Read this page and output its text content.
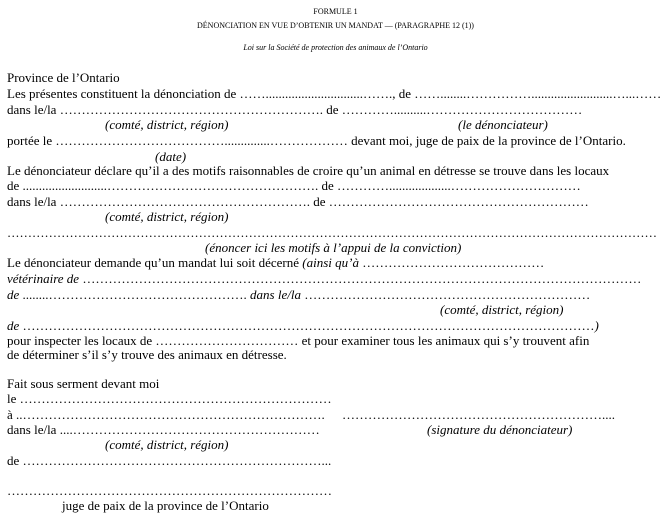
FORMULE 1
DÉNONCIATION EN VUE D’OBTENIR UN MANDAT — (PARAGRAPHE 12 (1))
Loi sur la Société de protection des animaux de l’Ontario
Province de l’Ontario
Les présentes constituent la dénonciation de ……..............................……., de ……........…………….........................…...……
dans le/la ……………………………………………………. de …………..........………………………………
(comté, district, région)	(le dénonciateur)
portée le …………………………………..............……………… devant moi, juge de paix de la province de l’Ontario.
(date)
Le dénonciateur déclare qu’il a des motifs raisonnables de croire qu’un animal en détresse se trouve dans les locaux
de ..........................…………………………………………. de …………...................…………………………
dans le/la …………………………………………………. de ……………………………………………………
(comté, district, région)
…………………………………………………………………………………………………………………………………………
(énoncer ici les motifs à l’appui de la conviction)
Le dénonciateur demande qu’un mandat lui soit décerné (ainsi qu’à ……………………………………
vétérinaire de …………………………………………………………………………………………………………………
de ........………………………………………. dans le/la …………………………………………………………
(comté, district, région)
de ……………………………………………………………………………………………………………………)
pour inspecter les locaux de …………………………… et pour examiner tous les animaux qui s’y trouvent afin
de déterminer s’il s’y trouve des animaux en détresse.
Fait sous serment devant moi
le ………………………………………………………………
à ..……………………………………………………………. ……………………………………………………....
dans le/la ....…………………………………………………
(comté, district, région)
(signature du dénonciateur)
de ……………………………………………………………...
…………………………………………………………………
juge de paix de la province de l’Ontario
